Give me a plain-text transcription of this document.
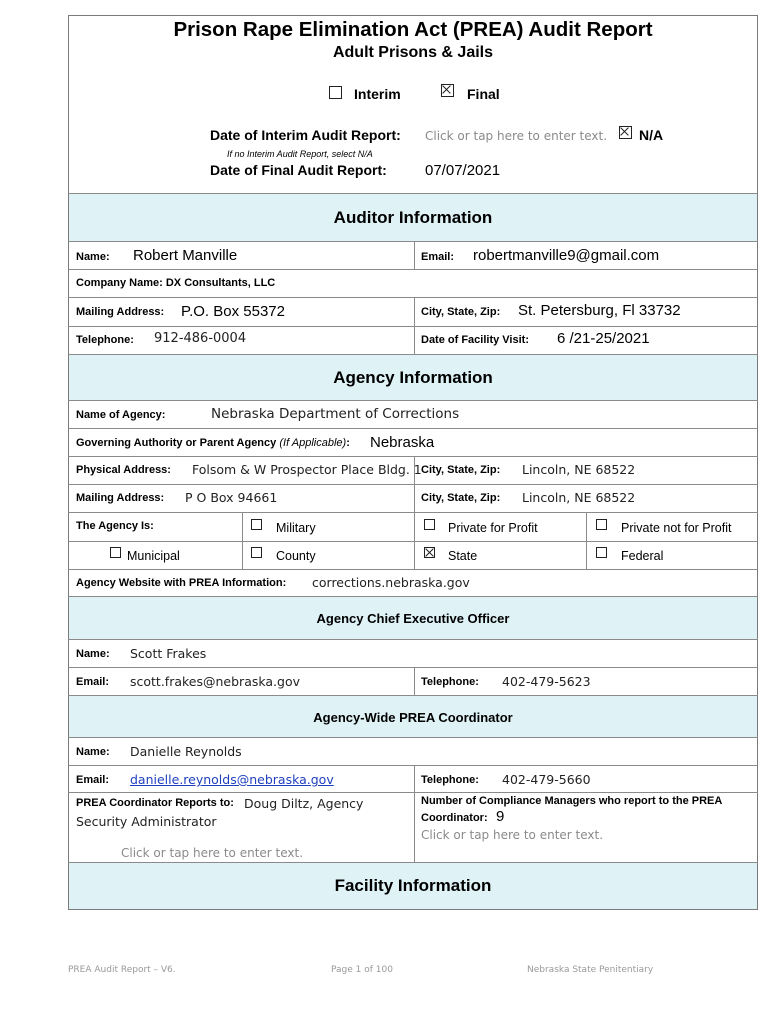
Prison Rape Elimination Act (PREA) Audit Report
Adult Prisons & Jails
Interim	Final
Date of Interim Audit Report: Click or tap here to enter text. N/A
If no Interim Audit Report, select N/A
Date of Final Audit Report:	07/07/2021
Auditor Information
Name: Robert Manville	Email: robertmanville9@gmail.com
Company Name: DX Consultants, LLC
Mailing Address: P.O. Box 55372	City, State, Zip: St. Petersburg, Fl 33732
Telephone: 912-486-0004	Date of Facility Visit: 6 /21-25/2021
Agency Information
Name of Agency:	Nebraska Department of Corrections
Governing Authority or Parent Agency (If Applicable): Nebraska
Physical Address: Folsom & W Prospector Place Bldg. 1 City, State, Zip: Lincoln, NE 68522
Mailing Address: P O Box 94661	City, State, Zip: Lincoln, NE 68522
The Agency Is:	Military	Private for Profit	Private not for Profit
Municipal	County	State	Federal
Agency Website with PREA Information: corrections.nebraska.gov
Agency Chief Executive Officer
Name: Scott Frakes
Email: scott.frakes@nebraska.gov	Telephone: 402-479-5623
Agency-Wide PREA Coordinator
Name: Danielle Reynolds
Email: danielle.reynolds@nebraska.gov	Telephone: 402-479-5660
PREA Coordinator Reports to: Doug Diltz, Agency
Security Administrator
Click or tap here to enter text.
Number of Compliance Managers who report to the PREA
Coordinator: 9
Click or tap here to enter text.
Facility Information
PREA Audit Report – V6.	Page 1 of 100	Nebraska State Penitentiary
